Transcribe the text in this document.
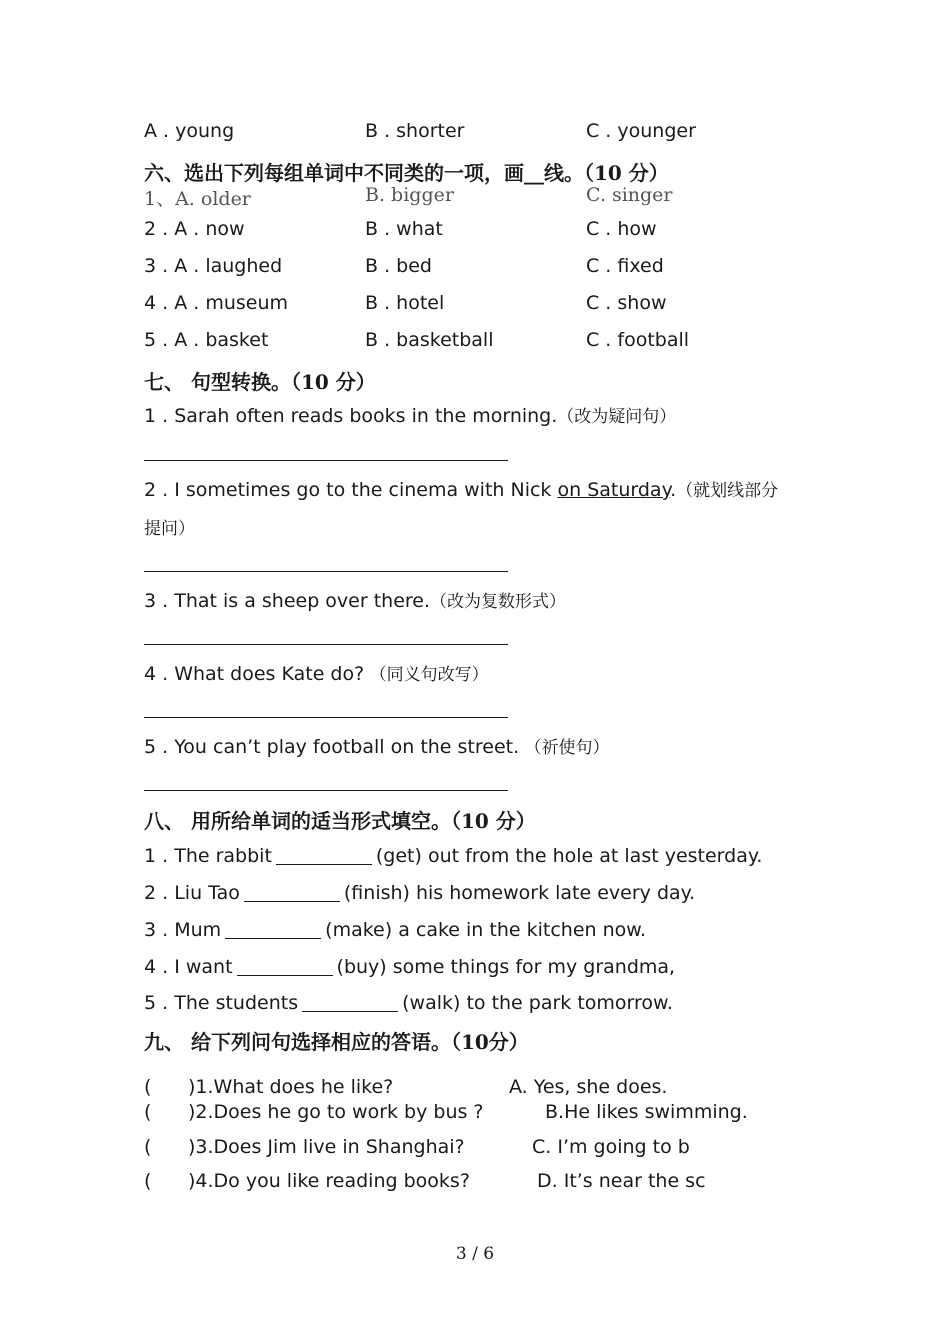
A . young	B . shorter	C . younger
六、选出下列每组单词中不同类的一项，画__线。（10 分）
1、A. older	B. bigger	C. singer
2 . A . now	B . what	C . how
3 . A . laughed	B . bed	C . fixed
4 . A . museum	B . hotel	C . show
5 . A . basket	B . basketball	C . football
七、 句型转换。（10 分）
1 . Sarah often reads books in the morning.（改为疑问句）
2 . I sometimes go to the cinema with Nick on Saturday.（就划线部分
提问）
3 . That is a sheep over there.（改为复数形式）
4 . What does Kate do? （同义句改写）
5 . You can’t play football on the street. （祈使句）
八、 用所给单词的适当形式填空。（10 分）
1 . The rabbit	(get) out from the hole at last yesterday.
2 . Liu Tao	(finish) his homework late every day.
3 . Mum	(make) a cake in the kitchen now.
4 . I want	(buy) some things for my grandma,
5 . The students	(walk) to the park tomorrow.
九、 给下列问句选择相应的答语。（10分）
( )1.What does he like?	A. Yes, she does.
( )2.Does he go to work by bus ?	B.He likes swimming.
( )3.Does Jim live in Shanghai?	C. I’m going to b
( )4.Do you like reading books?	D. It’s near the sc
3 / 6
